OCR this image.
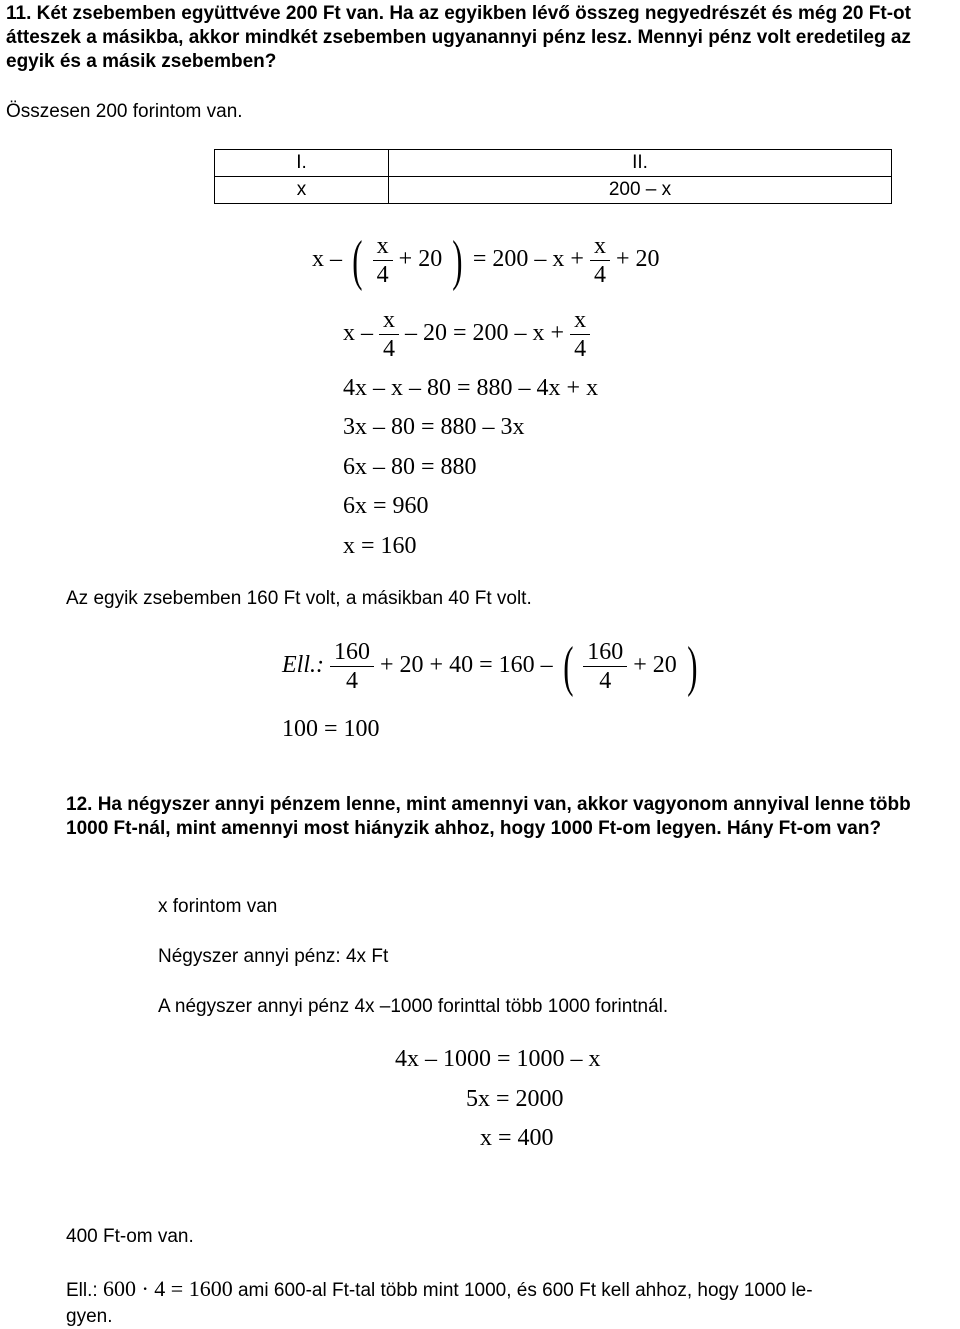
11. Két zsebemben együttvéve 200 Ft van. Ha az egyikben lévő összeg negyedrészét és még 20 Ft-ot átteszek a másikba, akkor mindkét zsebemben ugyanannyi pénz lesz. Mennyi pénz volt eredetileg az egyik és a másik zsebemben?
Összesen 200 forintom van.
I.	II.
x	200 – x
x – ( $\frac{x}{4} + 20$ ) = $200 - x + \frac{x}{4} + 20$
$x - \frac{x}{4} - 20 = 200 - x + \frac{x}{4}$
4x – x – 80 = 880 – 4x + x
3x – 80 = 880 – 3x
6x – 80 = 880
6x = 960
x = 160
Az egyik zsebemben 160 Ft volt, a másikban 40 Ft volt.
Ell.: $\frac{160}{4} + 20 + 40 = 160$ – ( $\frac{160}{4} + 20$ )
100 = 100
12. Ha négyszer annyi pénzem lenne, mint amennyi van, akkor vagyonom annyival lenne több 1000 Ft-nál, mint amennyi most hiányzik ahhoz, hogy 1000 Ft-om legyen. Hány Ft-om van?
x forintom van
Négyszer annyi pénz: 4x Ft
A négyszer annyi pénz 4x –1000 forinttal több 1000 forintnál.
4x – 1000 = 1000 – x
5x = 2000
x = 400
400 Ft-om van.
Ell.: 600 · 4 = 1600 ami 600-al Ft-tal több mint 1000, és 600 Ft kell ahhoz, hogy 1000 le-
gyen.
